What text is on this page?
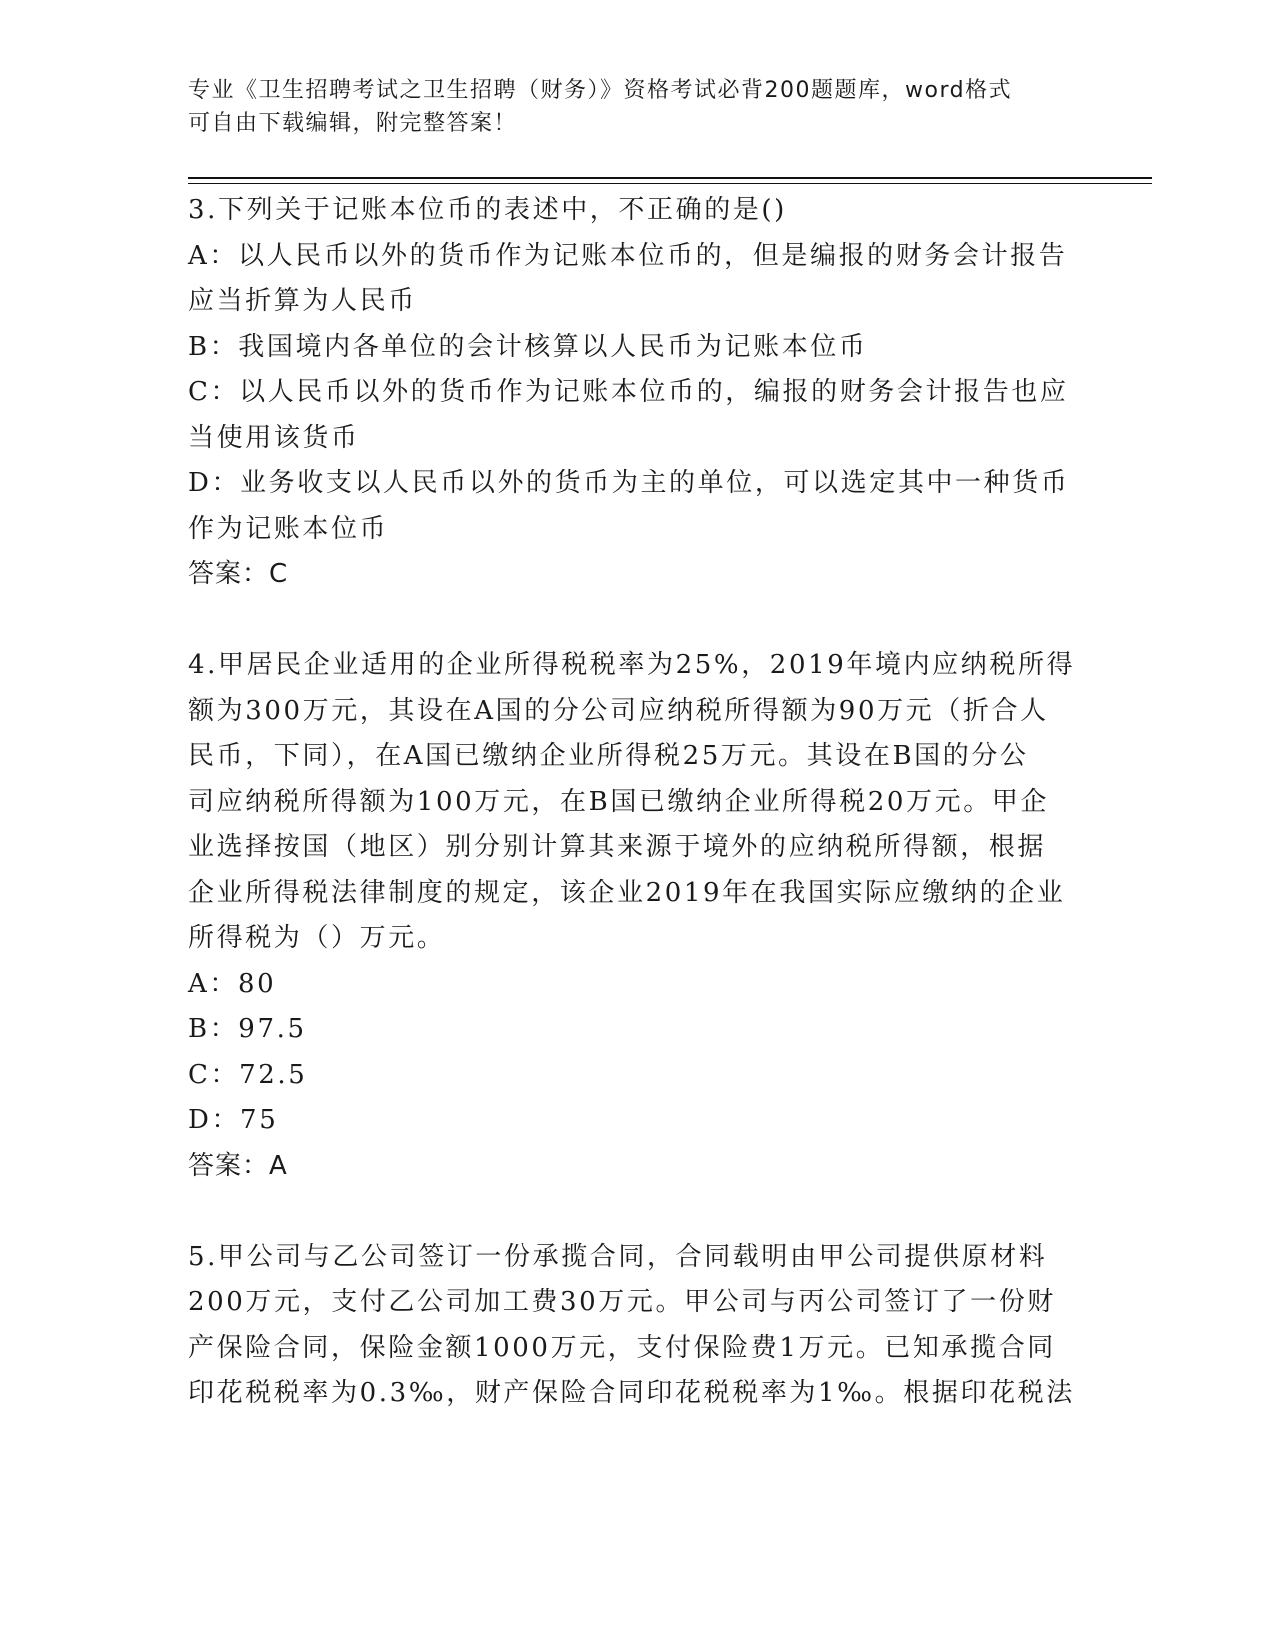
专业《卫生招聘考试之卫生招聘（财务）》资格考试必背200题题库，word格式
可自由下载编辑，附完整答案！
3.下列关于记账本位币的表述中，不正确的是()
A：以人民币以外的货币作为记账本位币的，但是编报的财务会计报告
应当折算为人民币
B：我国境内各单位的会计核算以人民币为记账本位币
C：以人民币以外的货币作为记账本位币的，编报的财务会计报告也应
当使用该货币
D：业务收支以人民币以外的货币为主的单位，可以选定其中一种货币
作为记账本位币
答案：C
4.甲居民企业适用的企业所得税税率为25%，2019年境内应纳税所得
额为300万元，其设在A国的分公司应纳税所得额为90万元（折合人
民币，下同），在A国已缴纳企业所得税25万元。其设在B国的分公
司应纳税所得额为100万元，在B国已缴纳企业所得税20万元。甲企
业选择按国（地区）别分别计算其来源于境外的应纳税所得额，根据
企业所得税法律制度的规定，该企业2019年在我国实际应缴纳的企业
所得税为（）万元。
A：80
B：97.5
C：72.5
D：75
答案：A
5.甲公司与乙公司签订一份承揽合同，合同载明由甲公司提供原材料
200万元，支付乙公司加工费30万元。甲公司与丙公司签订了一份财
产保险合同，保险金额1000万元，支付保险费1万元。已知承揽合同
印花税税率为0.3‰，财产保险合同印花税税率为1‰。根据印花税法
